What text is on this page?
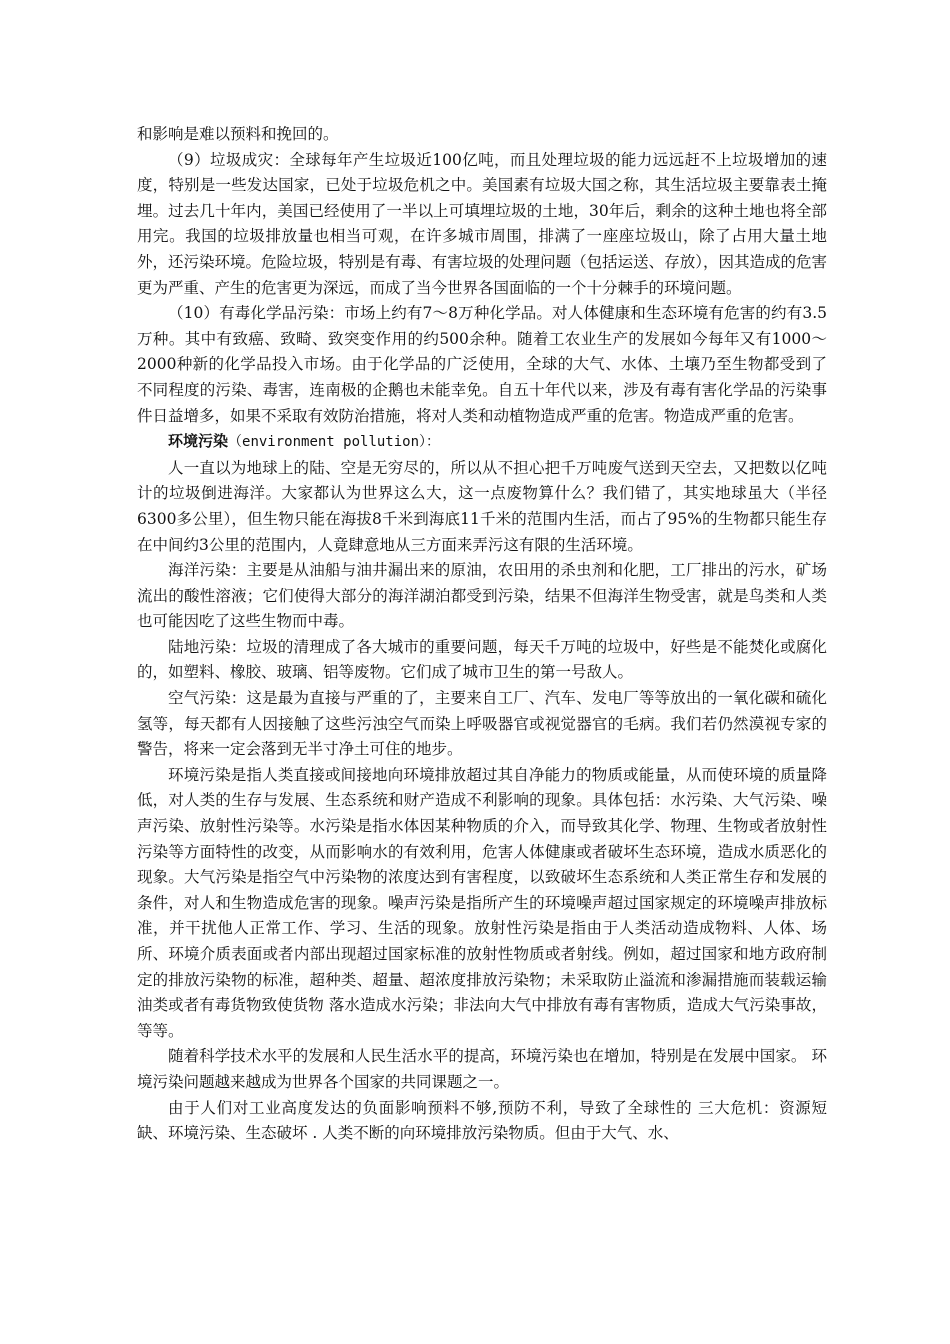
和影响是难以预料和挽回的。

（9）垃圾成灾：全球每年产生垃圾近100亿吨，而且处理垃圾的能力远远赶不上垃圾增加的速度，特别是一些发达国家，已处于垃圾危机之中。美国素有垃圾大国之称，其生活垃圾主要靠表土掩埋。过去几十年内，美国已经使用了一半以上可填埋垃圾的土地，30年后，剩余的这种土地也将全部用完。我国的垃圾排放量也相当可观，在许多城市周围，排满了一座座垃圾山，除了占用大量土地外，还污染环境。危险垃圾，特别是有毒、有害垃圾的处理问题（包括运送、存放），因其造成的危害更为严重、产生的危害更为深远，而成了当今世界各国面临的一个十分棘手的环境问题。

（10）有毒化学品污染：市场上约有7～8万种化学品。对人体健康和生态环境有危害的约有3.5万种。其中有致癌、致畸、致突变作用的约500余种。随着工农业生产的发展如今每年又有1000～2000种新的化学品投入市场。由于化学品的广泛使用，全球的大气、水体、土壤乃至生物都受到了不同程度的污染、毒害，连南极的企鹅也未能幸免。自五十年代以来，涉及有毒有害化学品的污染事件日益增多，如果不采取有效防治措施，将对人类和动植物造成严重的危害。物造成严重的危害。

环境污染（environment pollution）：

人一直以为地球上的陆、空是无穷尽的，所以从不担心把千万吨废气送到天空去，又把数以亿吨计的垃圾倒进海洋。大家都认为世界这么大，这一点废物算什么？我们错了，其实地球虽大（半径6300多公里），但生物只能在海拔8千米到海底11千米的范围内生活，而占了95%的生物都只能生存在中间约3公里的范围内，人竟肆意地从三方面来弄污这有限的生活环境。

海洋污染：主要是从油船与油井漏出来的原油，农田用的杀虫剂和化肥，工厂排出的污水，矿场流出的酸性溶液；它们使得大部分的海洋湖泊都受到污染，结果不但海洋生物受害，就是鸟类和人类也可能因吃了这些生物而中毒。

陆地污染：垃圾的清理成了各大城市的重要问题，每天千万吨的垃圾中，好些是不能焚化或腐化的，如塑料、橡胶、玻璃、铝等废物。它们成了城市卫生的第一号敌人。

空气污染：这是最为直接与严重的了，主要来自工厂、汽车、发电厂等等放出的一氧化碳和硫化氢等，每天都有人因接触了这些污浊空气而染上呼吸器官或视觉器官的毛病。我们若仍然漠视专家的警告，将来一定会落到无半寸净土可住的地步。

环境污染是指人类直接或间接地向环境排放超过其自净能力的物质或能量，从而使环境的质量降低，对人类的生存与发展、生态系统和财产造成不利影响的现象。具体包括：水污染、大气污染、噪声污染、放射性污染等。水污染是指水体因某种物质的介入，而导致其化学、物理、生物或者放射性污染等方面特性的改变，从而影响水的有效利用，危害人体健康或者破坏生态环境，造成水质恶化的现象。大气污染是指空气中污染物的浓度达到有害程度，以致破坏生态系统和人类正常生存和发展的条件，对人和生物造成危害的现象。噪声污染是指所产生的环境噪声超过国家规定的环境噪声排放标准，并干扰他人正常工作、学习、生活的现象。放射性污染是指由于人类活动造成物料、人体、场所、环境介质表面或者内部出现超过国家标准的放射性物质或者射线。例如，超过国家和地方政府制定的排放污染物的标准，超种类、超量、超浓度排放污染物；未采取防止溢流和渗漏措施而装载运输油类或者有毒货物致使货物 落水造成水污染；非法向大气中排放有毒有害物质，造成大气污染事故，等等。

随着科学技术水平的发展和人民生活水平的提高，环境污染也在增加，特别是在发展中国家。 环境污染问题越来越成为世界各个国家的共同课题之一。

由于人们对工业高度发达的负面影响预料不够,预防不利，导致了全球性的 三大危机：资源短缺、环境污染、生态破坏 . 人类不断的向环境排放污染物质。但由于大气、水、
